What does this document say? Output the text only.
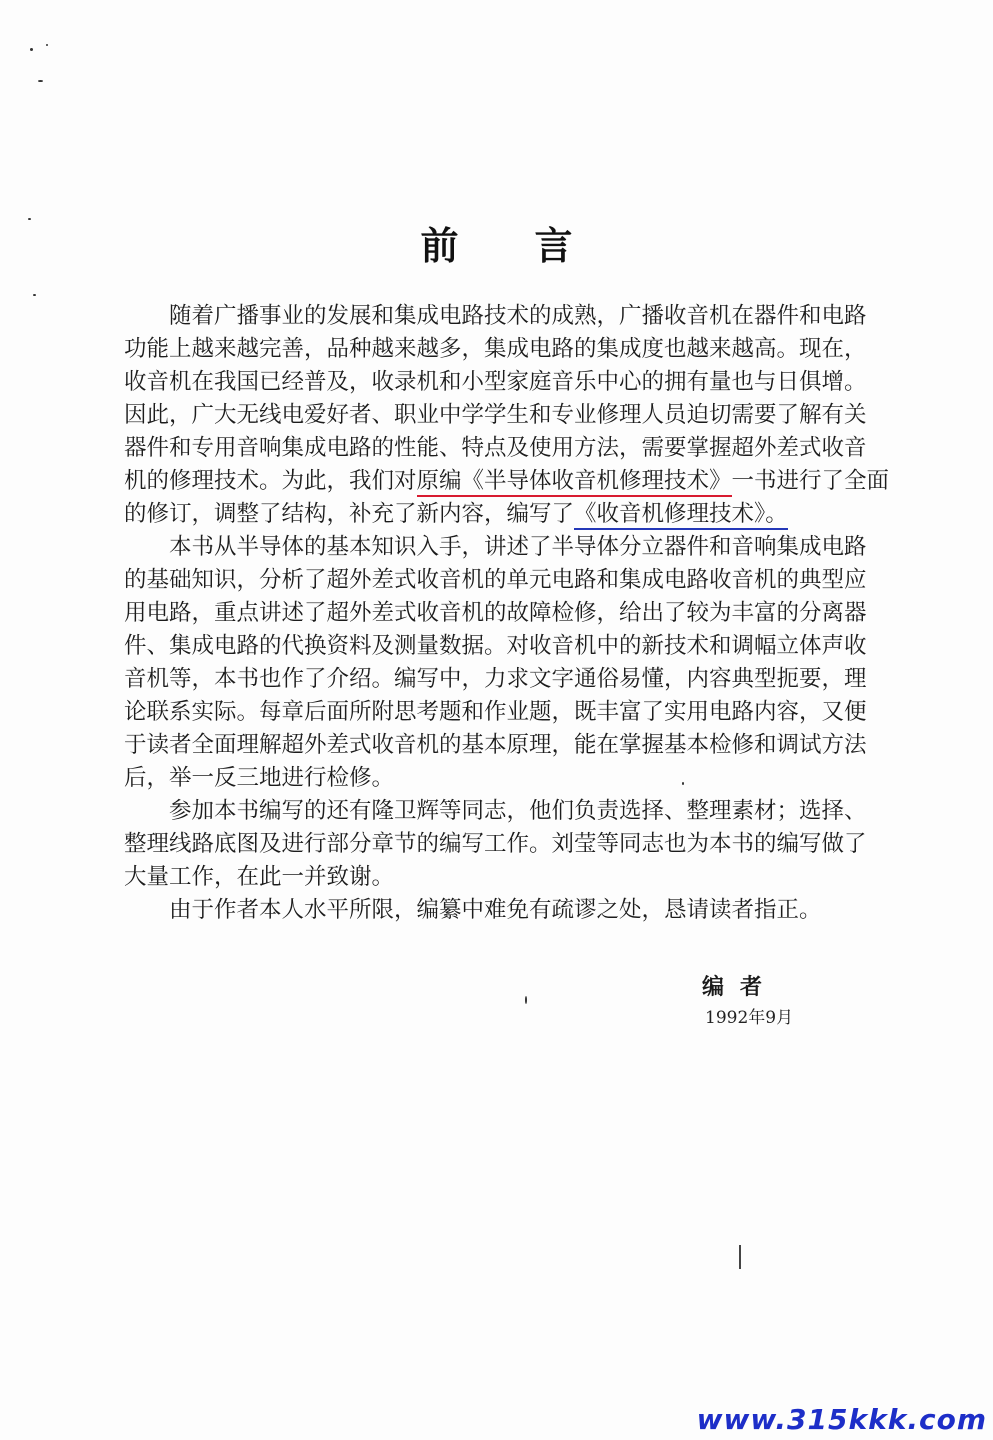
前言
随着广播事业的发展和集成电路技术的成熟，广播收音机在器件和电路
功能上越来越完善，品种越来越多，集成电路的集成度也越来越高。现在，
收音机在我国已经普及，收录机和小型家庭音乐中心的拥有量也与日俱增。
因此，广大无线电爱好者、职业中学学生和专业修理人员迫切需要了解有关
器件和专用音响集成电路的性能、特点及使用方法，需要掌握超外差式收音
机的修理技术。为此，我们对原编《半导体收音机修理技术》一书进行了全面
的修订，调整了结构，补充了新内容，编写了《收音机修理技术》。
本书从半导体的基本知识入手，讲述了半导体分立器件和音响集成电路
的基础知识，分析了超外差式收音机的单元电路和集成电路收音机的典型应
用电路，重点讲述了超外差式收音机的故障检修，给出了较为丰富的分离器
件、集成电路的代换资料及测量数据。对收音机中的新技术和调幅立体声收
音机等，本书也作了介绍。编写中，力求文字通俗易懂，内容典型扼要，理
论联系实际。每章后面所附思考题和作业题，既丰富了实用电路内容，又便
于读者全面理解超外差式收音机的基本原理，能在掌握基本检修和调试方法
后，举一反三地进行检修。
参加本书编写的还有隆卫辉等同志，他们负责选择、整理素材；选择、
整理线路底图及进行部分章节的编写工作。刘莹等同志也为本书的编写做了
大量工作，在此一并致谢。
由于作者本人水平所限，编纂中难免有疏谬之处，恳请读者指正。
编者
1992年9月
www.315kkk.com
